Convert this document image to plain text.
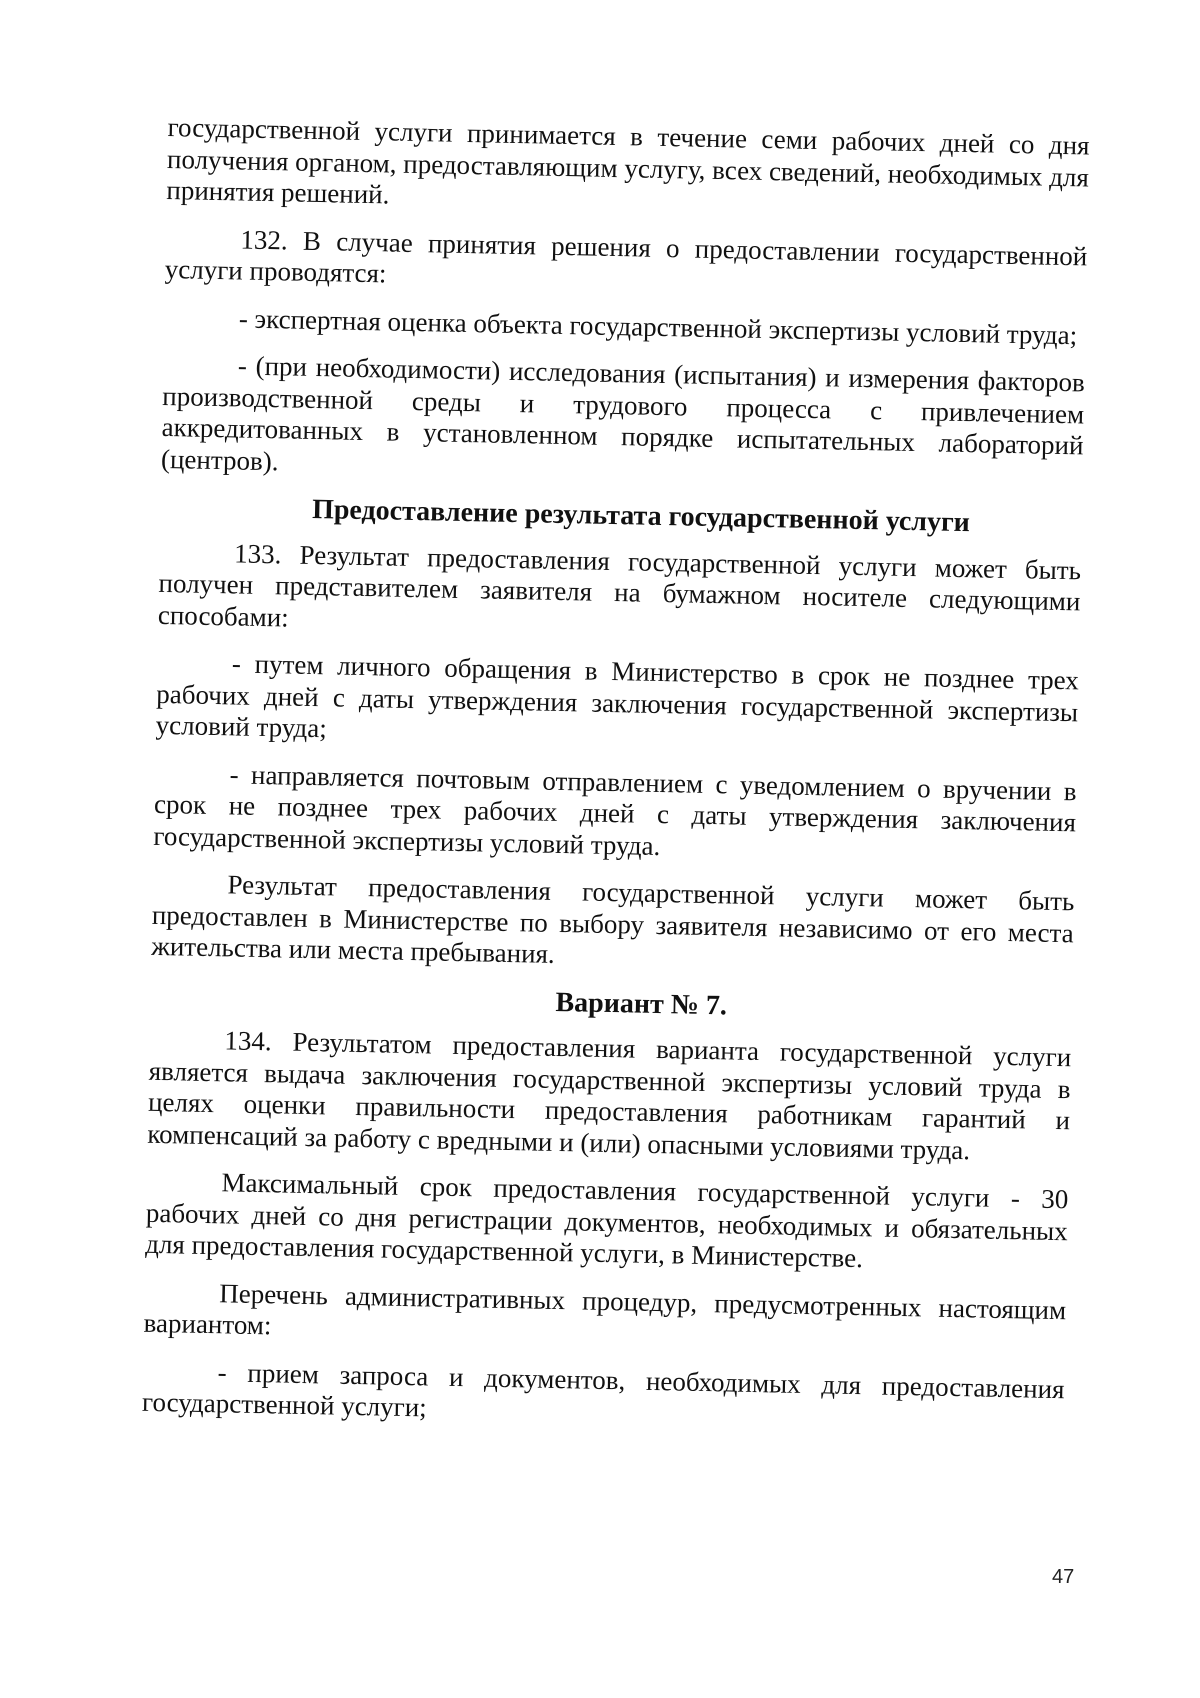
государственной услуги принимается в течение семи рабочих дней со дня получения органом, предоставляющим услугу, всех сведений, необходимых для принятия решений.

132. В случае принятия решения о предоставлении государственной услуги проводятся:

- экспертная оценка объекта государственной экспертизы условий труда;

- (при необходимости) исследования (испытания) и измерения факторов производственной среды и трудового процесса с привлечением аккредитованных в установленном порядке испытательных лабораторий (центров).

Предоставление результата государственной услуги

133. Результат предоставления государственной услуги может быть получен представителем заявителя на бумажном носителе следующими способами:

- путем личного обращения в Министерство в срок не позднее трех рабочих дней с даты утверждения заключения государственной экспертизы условий труда;

- направляется почтовым отправлением с уведомлением о вручении в срок не позднее трех рабочих дней с даты утверждения заключения государственной экспертизы условий труда.

Результат предоставления государственной услуги может быть предоставлен в Министерстве по выбору заявителя независимо от его места жительства или места пребывания.

Вариант № 7.

134. Результатом предоставления варианта государственной услуги является выдача заключения государственной экспертизы условий труда в целях оценки правильности предоставления работникам гарантий и компенсаций за работу с вредными и (или) опасными условиями труда.

Максимальный срок предоставления государственной услуги - 30 рабочих дней со дня регистрации документов, необходимых и обязательных для предоставления государственной услуги, в Министерстве.

Перечень административных процедур, предусмотренных настоящим вариантом:

- прием запроса и документов, необходимых для предоставления государственной услуги;

47
